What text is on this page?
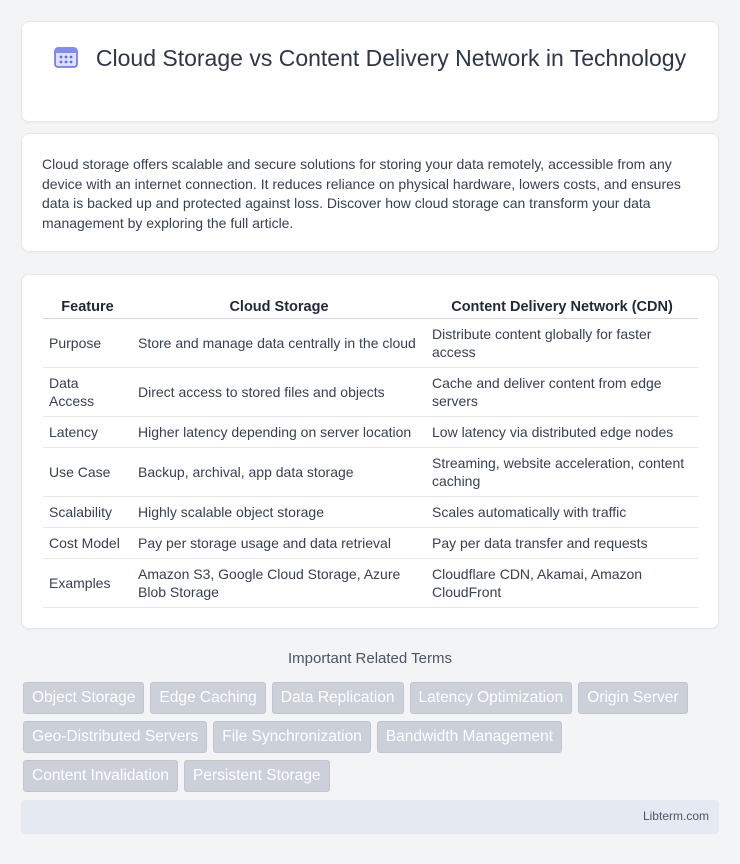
Cloud Storage vs Content Delivery Network in Technology

Cloud storage offers scalable and secure solutions for storing your data remotely, accessible from any device with an internet connection. It reduces reliance on physical hardware, lowers costs, and ensures data is backed up and protected against loss. Discover how cloud storage can transform your data management by exploring the full article.

Feature	Cloud Storage	Content Delivery Network (CDN)
Purpose	Store and manage data centrally in the cloud	Distribute content globally for faster access
Data Access	Direct access to stored files and objects	Cache and deliver content from edge servers
Latency	Higher latency depending on server location	Low latency via distributed edge nodes
Use Case	Backup, archival, app data storage	Streaming, website acceleration, content caching
Scalability	Highly scalable object storage	Scales automatically with traffic
Cost Model	Pay per storage usage and data retrieval	Pay per data transfer and requests
Examples	Amazon S3, Google Cloud Storage, Azure Blob Storage	Cloudflare CDN, Akamai, Amazon CloudFront
Important Related Terms
Object Storage	Edge Caching	Data Replication	Latency Optimization	Origin Server
Geo-Distributed Servers	File Synchronization	Bandwidth Management
Content Invalidation	Persistent Storage
Libterm.com
